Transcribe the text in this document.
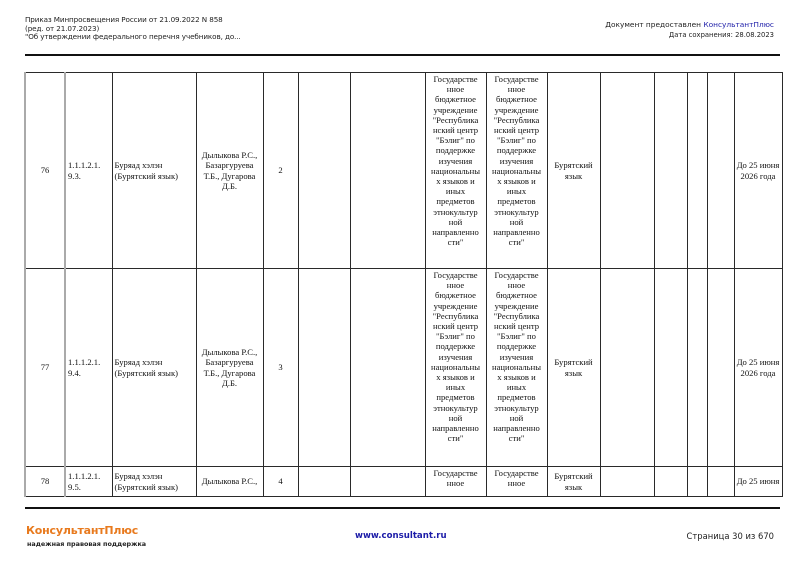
Приказ Минпросвещения России от 21.09.2022 N 858
(ред. от 21.07.2023)
"Об утверждении федерального перечня учебников, до...
Документ предоставлен КонсультантПлюс
Дата сохранения: 28.08.2023
76	1.1.1.2.1. 9.3.	Буряад хэлэн (Бурятский язык)	Дылыкова Р.С., Базаргуруева Т.Б., Дугарова Д.Б.	2			Государстве
нное
бюджетное
учреждение
"Республика
нский центр
"Бэлиг" по
поддержке
изучения
национальны
х языков и
иных
предметов
этнокультур
ной
направленно
сти"	Государстве
нное
бюджетное
учреждение
"Республика
нский центр
"Бэлиг" по
поддержке
изучения
национальны
х языков и
иных
предметов
этнокультур
ной
направленно
сти"	Бурятский язык					До 25 июня 2026 года
77	1.1.1.2.1. 9.4.	Буряад хэлэн (Бурятский язык)	Дылыкова Р.С., Базаргуруева Т.Б., Дугарова Д.Б.	3			Государстве
нное
бюджетное
учреждение
"Республика
нский центр
"Бэлиг" по
поддержке
изучения
национальны
х языков и
иных
предметов
этнокультур
ной
направленно
сти"	Государстве
нное
бюджетное
учреждение
"Республика
нский центр
"Бэлиг" по
поддержке
изучения
национальны
х языков и
иных
предметов
этнокультур
ной
направленно
сти"	Бурятский язык					До 25 июня 2026 года
78	1.1.1.2.1. 9.5.	Буряад хэлэн (Бурятский язык)	Дылыкова Р.С.,	4			Государстве
нное	Государстве
нное	Бурятский язык					До 25 июня
КонсультантПлюс
надежная правовая поддержка
www.consultant.ru	Страница 30 из 670
